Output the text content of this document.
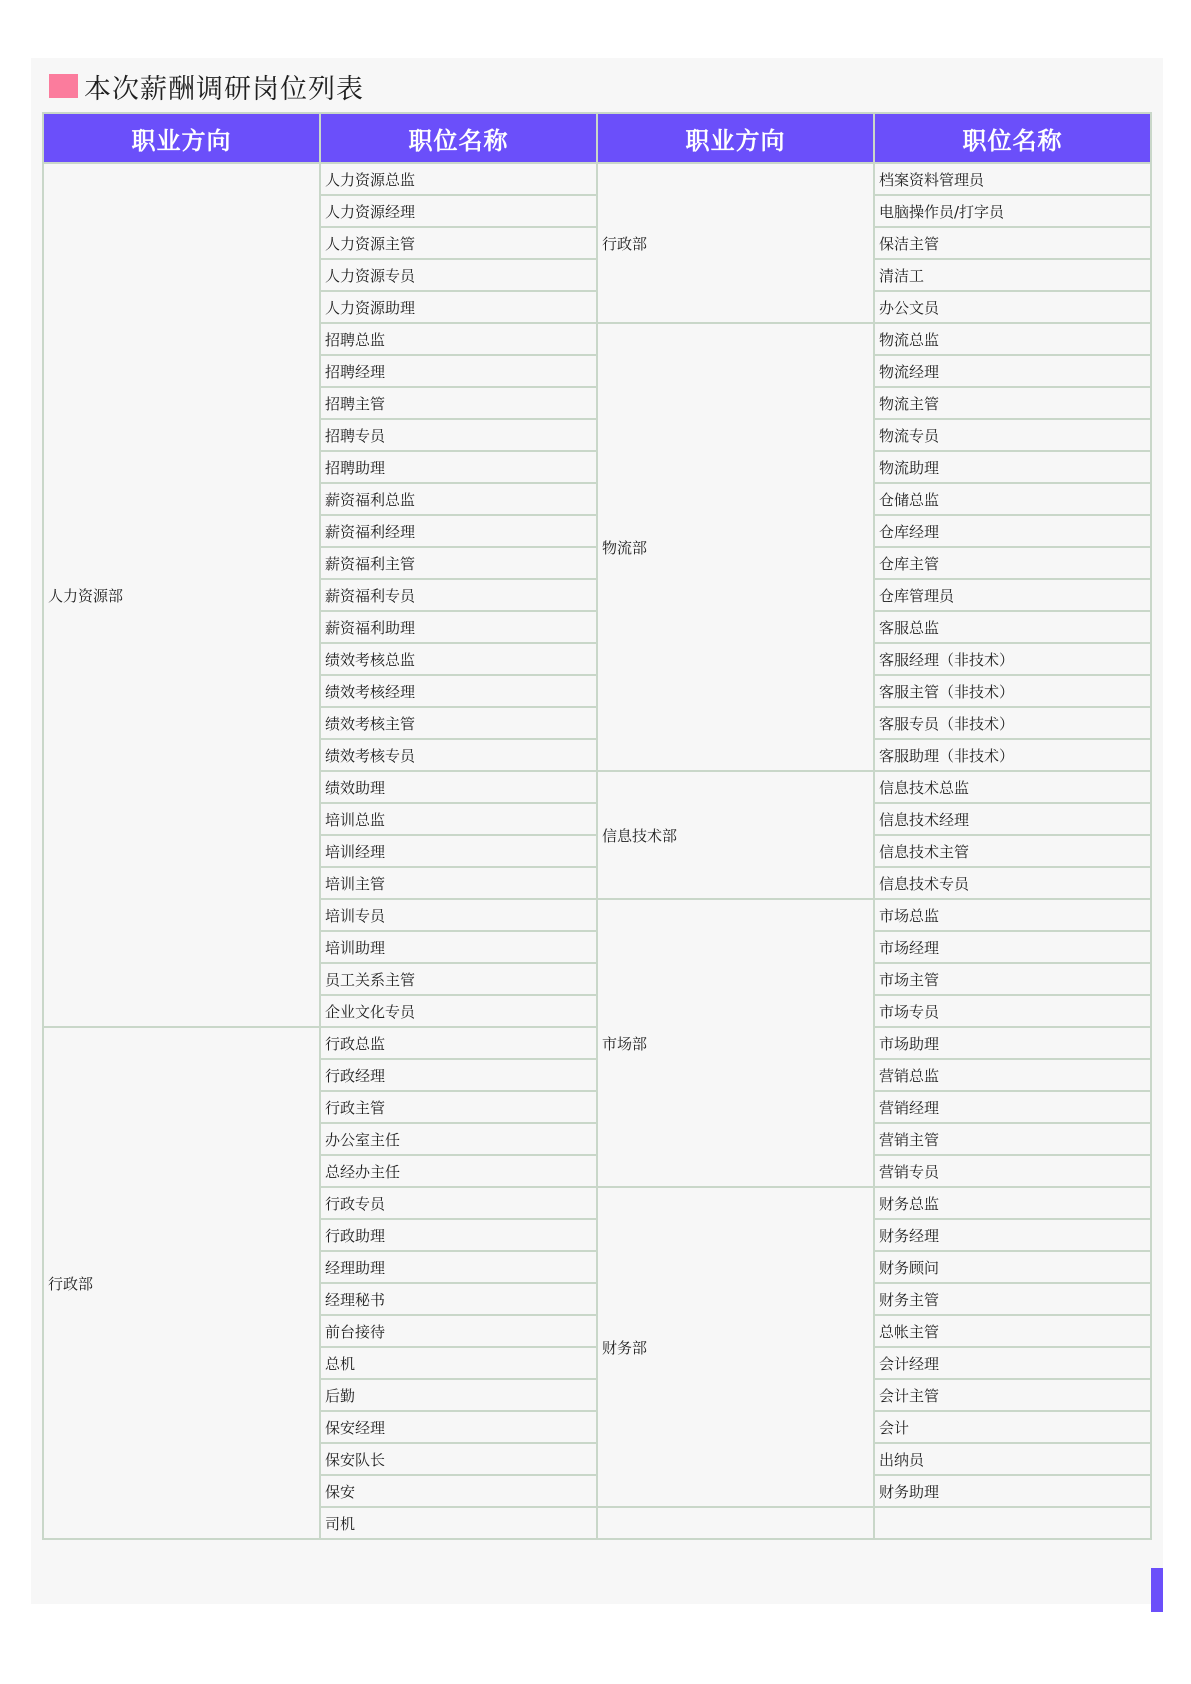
本次薪酬调研岗位列表
职业方向	职位名称	职业方向	职位名称
人力资源部	人力资源总监	行政部	档案资料管理员
	人力资源经理		电脑操作员/打字员
	人力资源主管		保洁主管
	人力资源专员		清洁工
	人力资源助理		办公文员
	招聘总监	物流部	物流总监
	招聘经理		物流经理
	招聘主管		物流主管
	招聘专员		物流专员
	招聘助理		物流助理
	薪资福利总监		仓储总监
	薪资福利经理		仓库经理
	薪资福利主管		仓库主管
	薪资福利专员		仓库管理员
	薪资福利助理		客服总监
	绩效考核总监		客服经理（非技术）
	绩效考核经理		客服主管（非技术）
	绩效考核主管		客服专员（非技术）
	绩效考核专员		客服助理（非技术）
	绩效助理	信息技术部	信息技术总监
	培训总监		信息技术经理
	培训经理		信息技术主管
	培训主管		信息技术专员
	培训专员	市场部	市场总监
	培训助理		市场经理
	员工关系主管		市场主管
	企业文化专员		市场专员
行政部	行政总监		市场助理
	行政经理		营销总监
	行政主管		营销经理
	办公室主任		营销主管
	总经办主任		营销专员
	行政专员	财务部	财务总监
	行政助理		财务经理
	经理助理		财务顾问
	经理秘书		财务主管
	前台接待		总帐主管
	总机		会计经理
	后勤		会计主管
	保安经理		会计
	保安队长		出纳员
	保安		财务助理
	司机		
